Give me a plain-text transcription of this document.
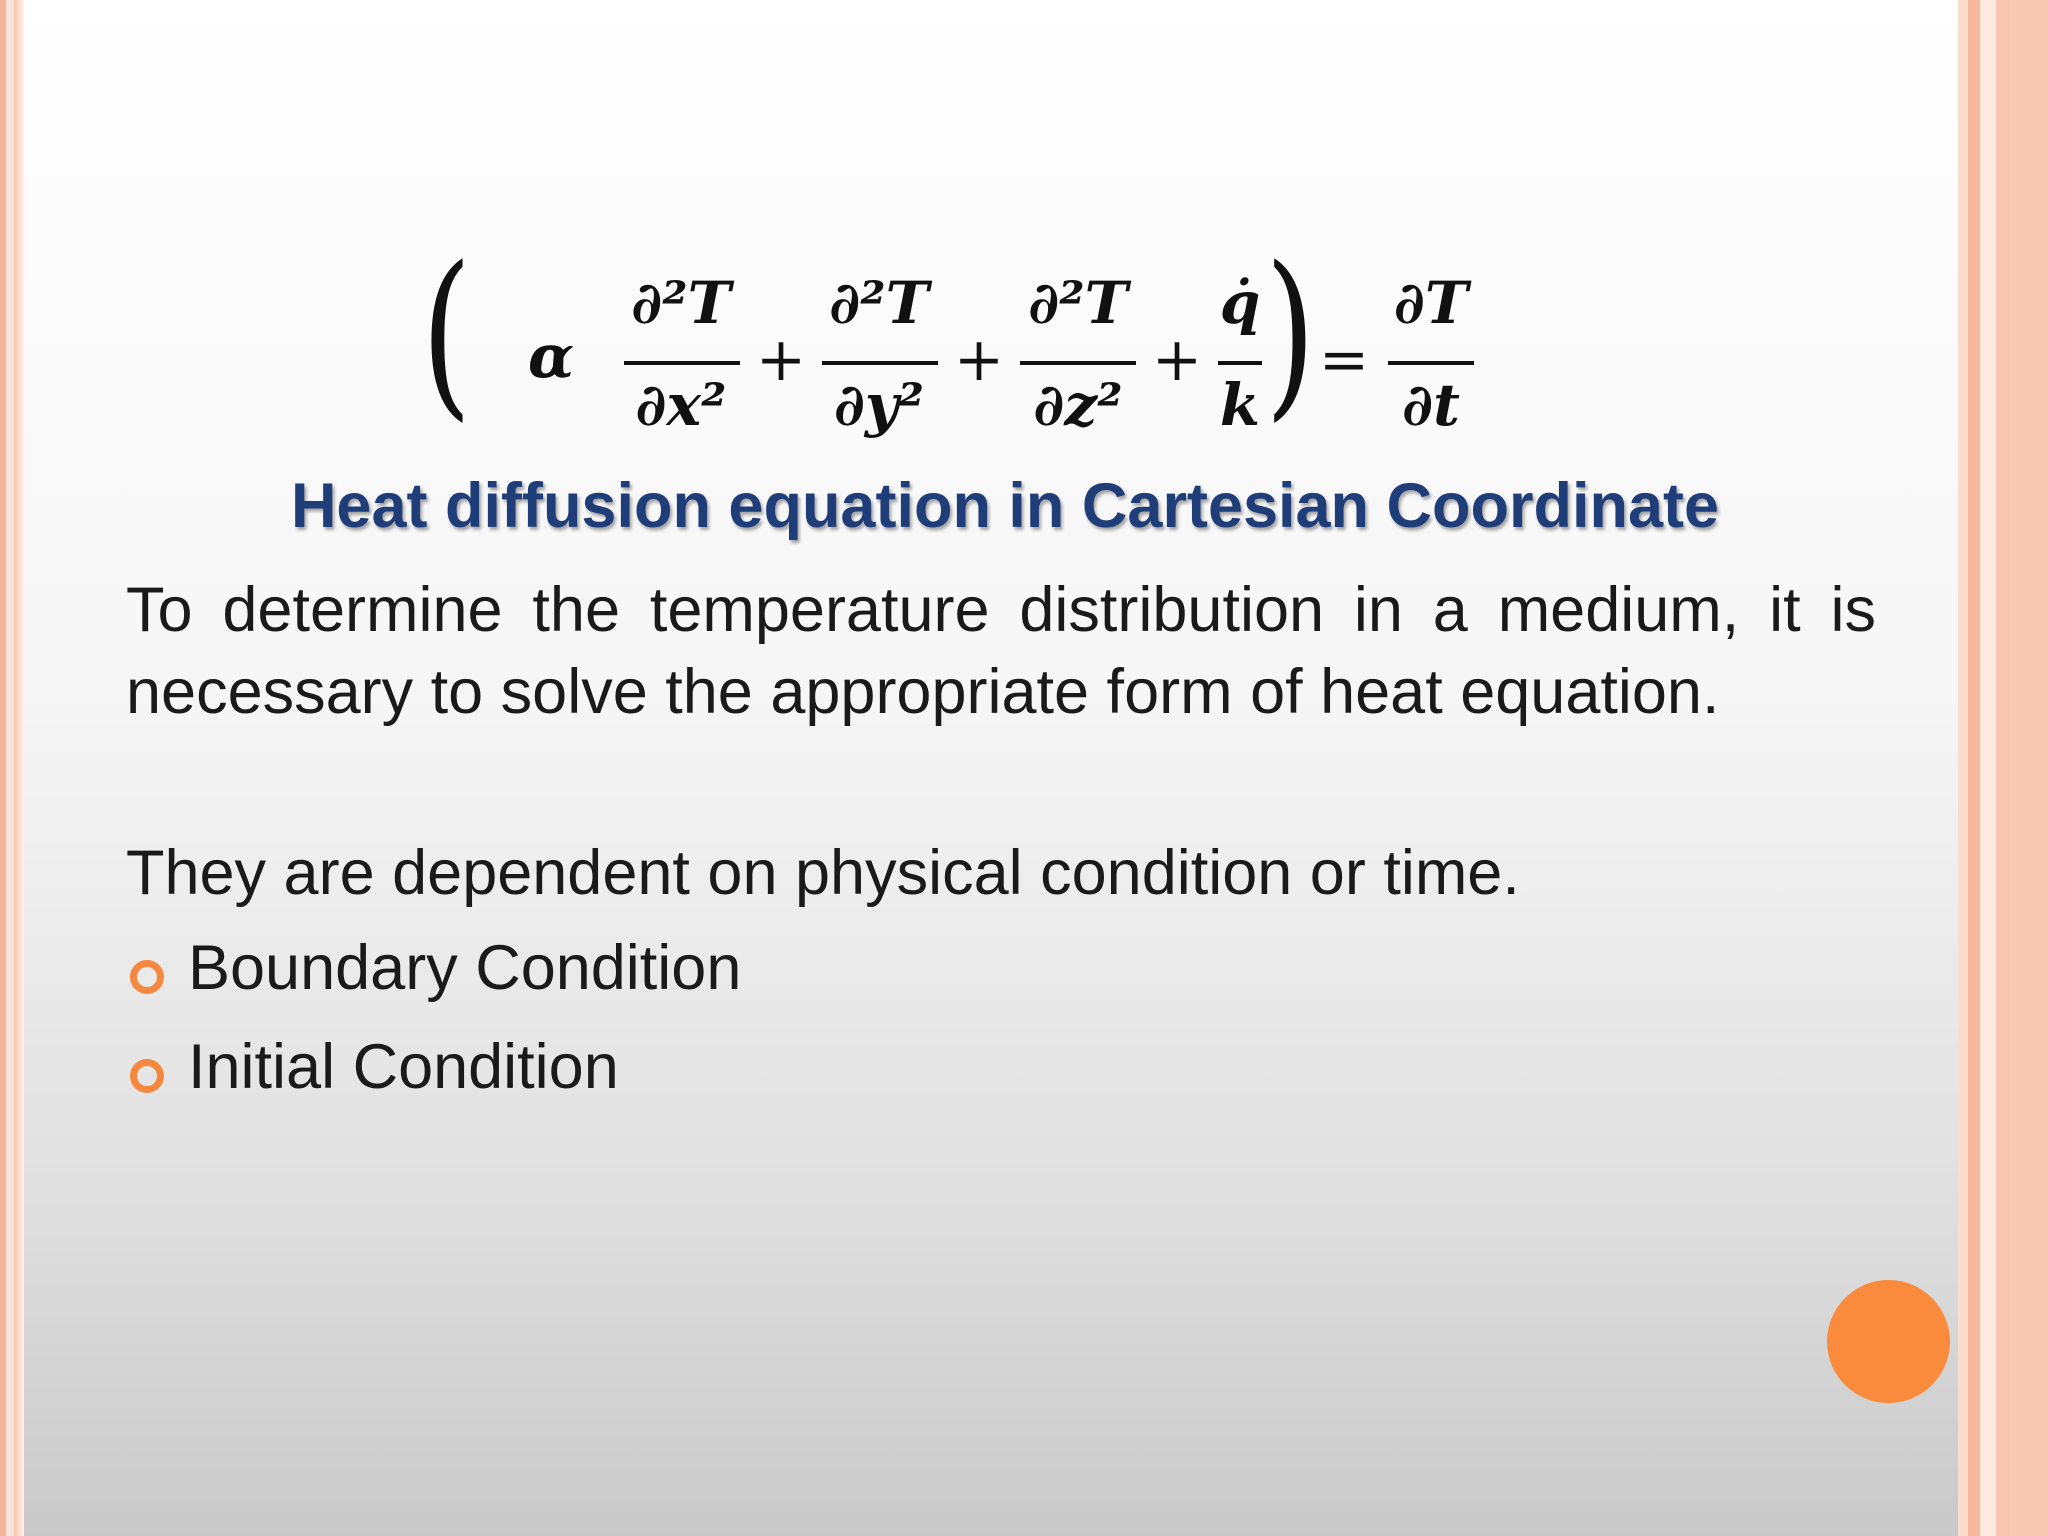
α
(	∂²T
∂x²
+
∂²T
∂y²
+
∂²T
∂z²
+
q̇
k ) =
∂T
∂t
Heat diffusion equation in Cartesian Coordinate
To determine the temperature distribution in a medium, it is necessary to solve the appropriate form of heat equation.
They are dependent on physical condition or time.
Boundary Condition
Initial Condition
